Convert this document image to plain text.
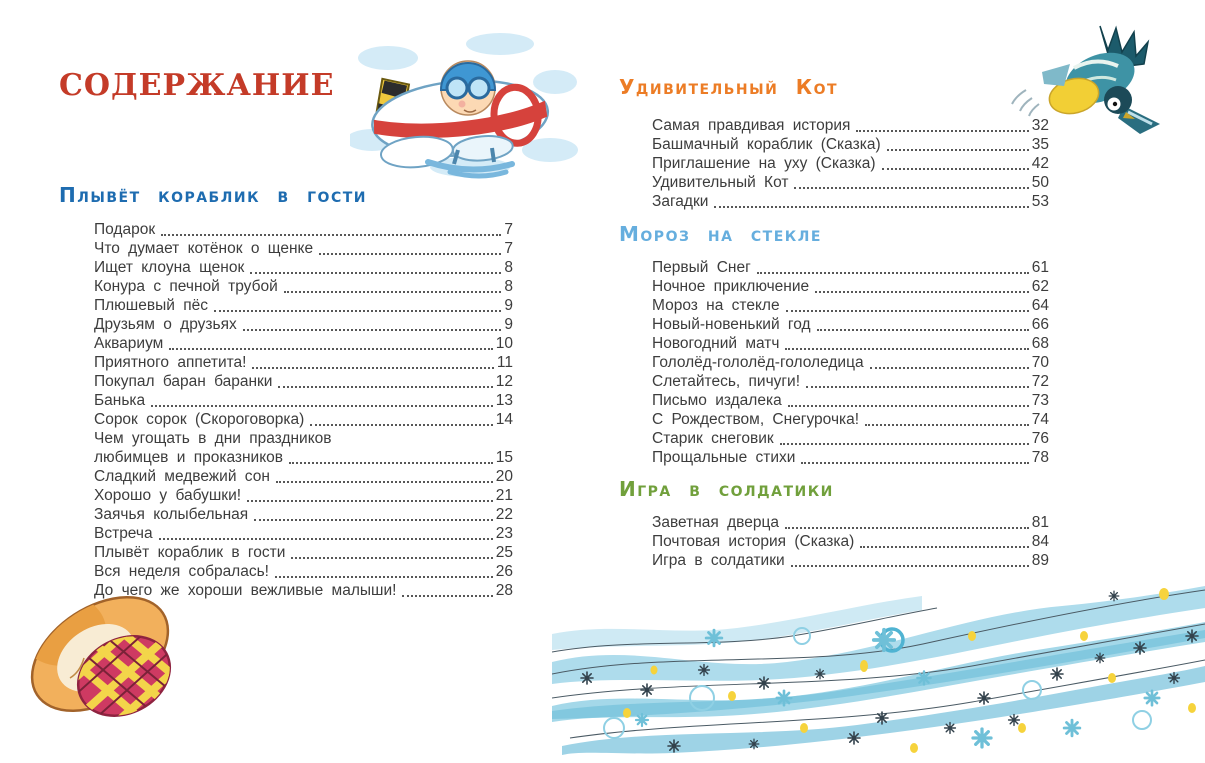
СОДЕРЖАНИЕ
Плывёт кораблик в гости
Подарок	7
Что думает котёнок о щенке	7
Ищет клоуна щенок	8
Конура с печной трубой	8
Плюшевый пёс	9
Друзьям о друзьях	9
Аквариум	10
Приятного аппетита!	11
Покупал баран баранки	12
Банька	13
Сорок сорок (Скороговорка)	14
Чем угощать в дни праздников
любимцев и проказников	15
Сладкий медвежий сон	20
Хорошо у бабушки!	21
Заячья колыбельная	22
Встреча	23
Плывёт кораблик в гости	25
Вся неделя собралась!	26
До чего же хороши вежливые малыши!	28
Удивительный Кот
Самая правдивая история	32
Башмачный кораблик (Сказка)	35
Приглашение на уху (Сказка)	42
Удивительный Кот	50
Загадки	53
Мороз на стекле
Первый Снег	61
Ночное приключение	62
Мороз на стекле	64
Новый-новенький год	66
Новогодний матч	68
Гололёд-гололёд-гололедица	70
Слетайтесь, пичуги!	72
Письмо издалека	73
С Рождеством, Снегурочка!	74
Старик снеговик	76
Прощальные стихи	78
Игра в солдатики
Заветная дверца	81
Почтовая история (Сказка)	84
Игра в солдатики	89
